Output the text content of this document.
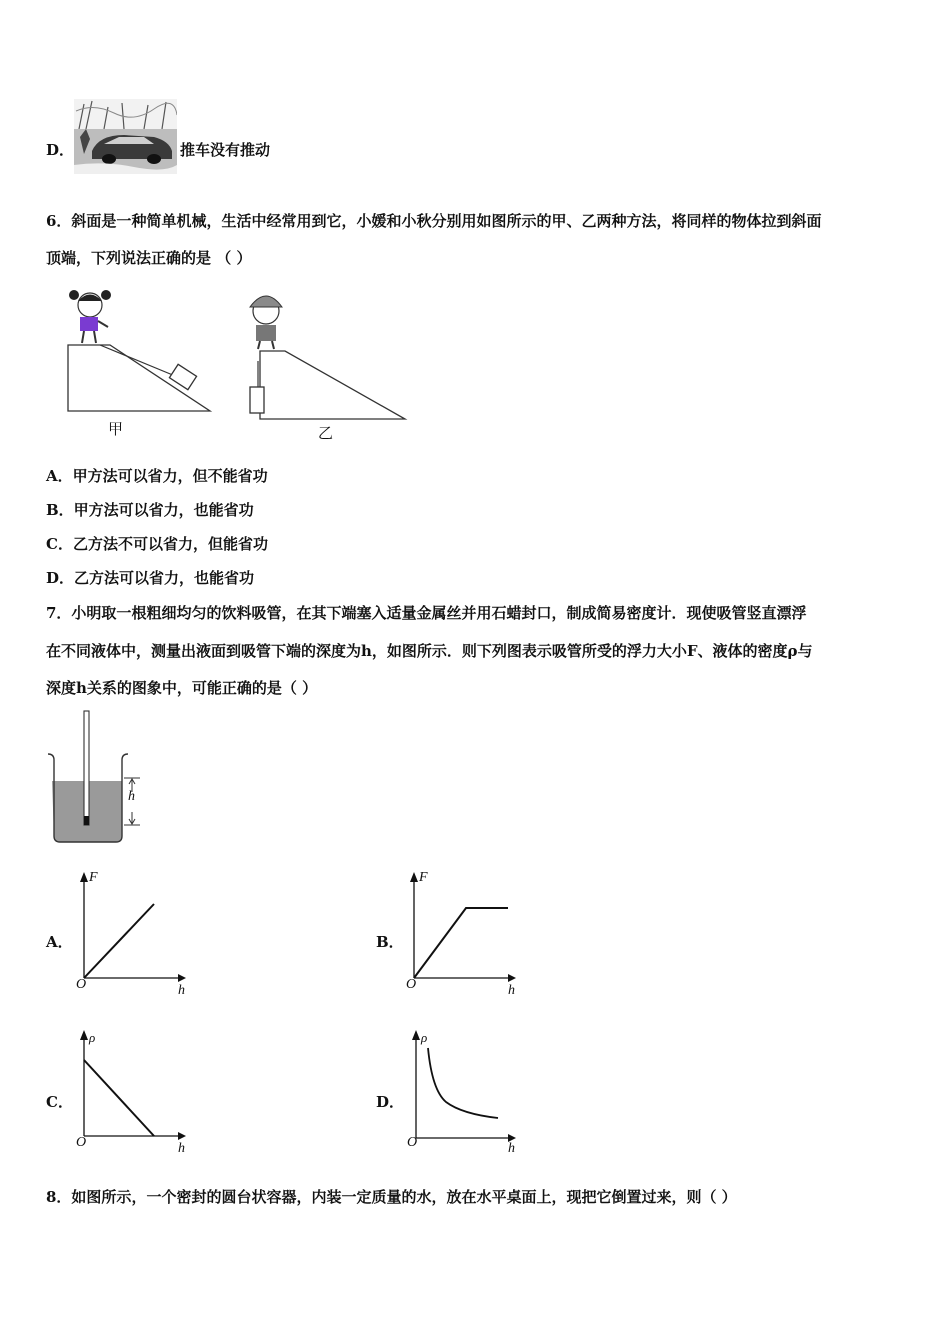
D．	推车没有推动
6．斜面是一种简单机械，生活中经常用到它，小媛和小秋分别用如图所示的甲、乙两种方法，将同样的物体拉到斜面
顶端，下列说法正确的是 （ ）
甲	乙
A．甲方法可以省力，但不能省功
B．甲方法可以省力，也能省功
C．乙方法不可以省力，但能省功
D．乙方法可以省力，也能省功
7．小明取一根粗细均匀的饮料吸管，在其下端塞入适量金属丝并用石蜡封口，制成简易密度计．现使吸管竖直漂浮
在不同液体中，测量出液面到吸管下端的深度为h，如图所示．则下列图表示吸管所受的浮力大小F、液体的密度ρ与
深度h关系的图象中，可能正确的是（ ）
h
A．
F
h
O
B．
F
h
O
C．
ρ
h
O
D．
ρ
h
O
8．如图所示，一个密封的圆台状容器，内装一定质量的水，放在水平桌面上，现把它倒置过来，则（ ）
